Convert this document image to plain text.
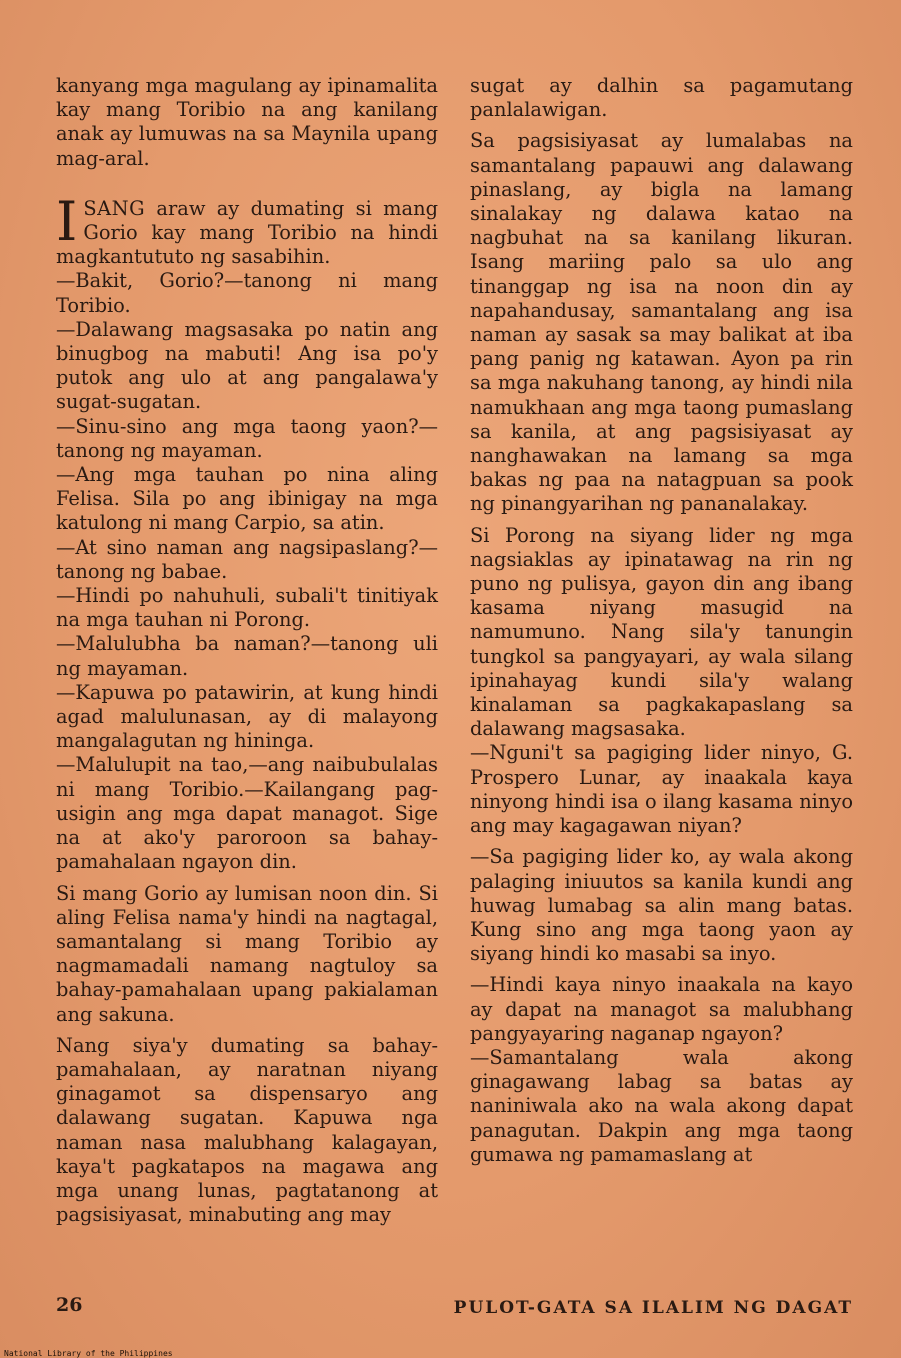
kanyang mga magulang ay ipinamalita kay mang Toribio na ang kanilang anak ay lumuwas na sa Maynila upang mag-aral.

ISANG araw ay dumating si mang Gorio kay mang Toribio na hindi magkantututo ng sasabihin.

—Bakit, Gorio?—tanong ni mang Toribio.

—Dalawang magsasaka po natin ang binugbog na mabuti! Ang isa po'y putok ang ulo at ang pangalawa'y sugat-sugatan.

—Sinu-sino ang mga taong yaon?—tanong ng mayaman.

—Ang mga tauhan po nina aling Felisa. Sila po ang ibinigay na mga katulong ni mang Carpio, sa atin.

—At sino naman ang nagsipaslang?—tanong ng babae.

—Hindi po nahuhuli, subali't tinitiyak na mga tauhan ni Porong.

—Malulubha ba naman?—tanong uli ng mayaman.

—Kapuwa po patawirin, at kung hindi agad malulunasan, ay di malayong mangalagutan ng hininga.

—Malulupit na tao,—ang naibubulalas ni mang Toribio.—Kailangang pag-usigin ang mga dapat managot. Sige na at ako'y paroroon sa bahay-pamahalaan ngayon din.

Si mang Gorio ay lumisan noon din. Si aling Felisa nama'y hindi na nagtagal, samantalang si mang Toribio ay nagmamadali namang nagtuloy sa bahay-pamahalaan upang pakialaman ang sakuna.

Nang siya'y dumating sa bahay-pamahalaan, ay naratnan niyang ginagamot sa dispensaryo ang dalawang sugatan. Kapuwa nga naman nasa malubhang kalagayan, kaya't pagkatapos na magawa ang mga unang lunas, pagtatanong at pagsisiyasat, minabuting ang may

sugat ay dalhin sa pagamutang panlalawigan.

Sa pagsisiyasat ay lumalabas na samantalang papauwi ang dalawang pinaslang, ay bigla na lamang sinalakay ng dalawa katao na nagbuhat na sa kanilang likuran. Isang mariing palo sa ulo ang tinanggap ng isa na noon din ay napahandusay, samantalang ang isa naman ay sasak sa may balikat at iba pang panig ng katawan. Ayon pa rin sa mga nakuhang tanong, ay hindi nila namukhaan ang mga taong pumaslang sa kanila, at ang pagsisiyasat ay nanghawakan na lamang sa mga bakas ng paa na natagpuan sa pook ng pinangyarihan ng pananalakay.

Si Porong na siyang lider ng mga nagsiaklas ay ipinatawag na rin ng puno ng pulisya, gayon din ang ibang kasama niyang masugid na namumuno. Nang sila'y tanungin tungkol sa pangyayari, ay wala silang ipinahayag kundi sila'y walang kinalaman sa pagkakapaslang sa dalawang magsasaka.

—Nguni't sa pagiging lider ninyo, G. Prospero Lunar, ay inaakala kaya ninyong hindi isa o ilang kasama ninyo ang may kagagawan niyan?

—Sa pagiging lider ko, ay wala akong palaging iniuutos sa kanila kundi ang huwag lumabag sa alin mang batas. Kung sino ang mga taong yaon ay siyang hindi ko masabi sa inyo.

—Hindi kaya ninyo inaakala na kayo ay dapat na managot sa malubhang pangyayaring naganap ngayon?

—Samantalang wala akong ginagawang labag sa batas ay naniniwala ako na wala akong dapat panagutan. Dakpin ang mga taong gumawa ng pamamaslang at

26	PULOT-GATA SA ILALIM NG DAGAT
National Library of the Philippines
